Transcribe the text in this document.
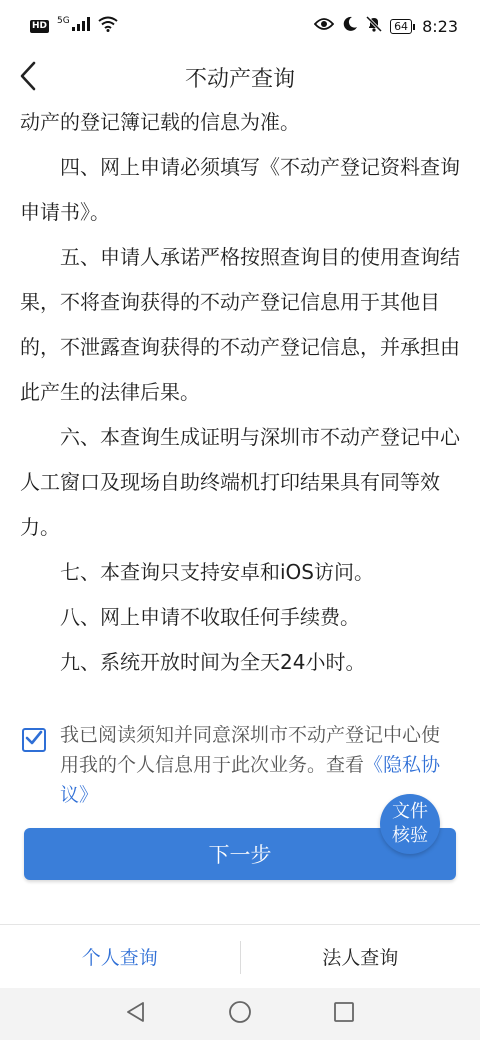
HD 5G	64 8:23
不动产查询

动产的登记簿记载的信息为准。

四、网上申请必须填写《不动产登记资料查询申请书》。

五、申请人承诺严格按照查询目的使用查询结果，不将查询获得的不动产登记信息用于其他目的，不泄露查询获得的不动产登记信息，并承担由此产生的法律后果。

六、本查询生成证明与深圳市不动产登记中心人工窗口及现场自助终端机打印结果具有同等效力。

七、本查询只支持安卓和iOS访问。

八、网上申请不收取任何手续费。

九、系统开放时间为全天24小时。

我已阅读须知并同意深圳市不动产登记中心使用我的个人信息用于此次业务。查看《隐私协议》
下一步
文件核验
个人查询	法人查询
